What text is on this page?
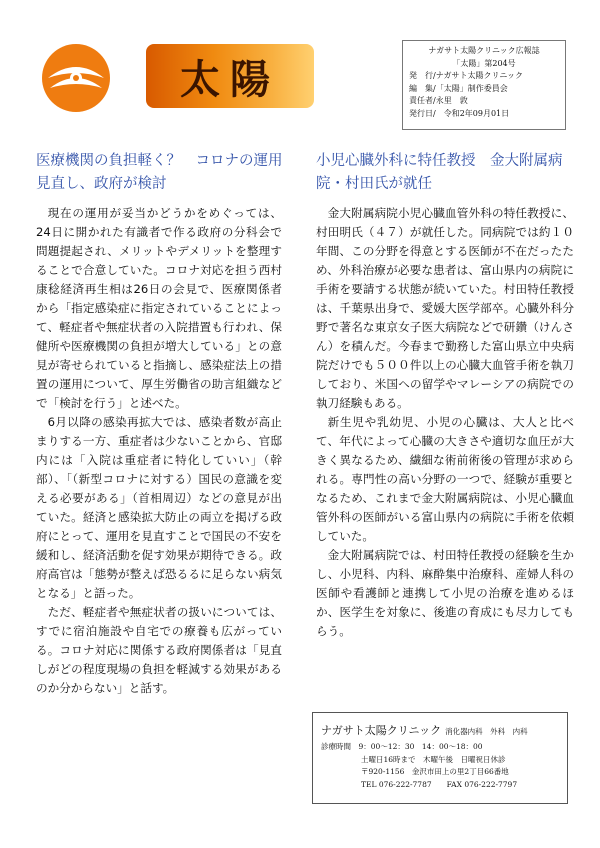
太陽
ナガサト太陽クリニック広報誌
「太陽」第204号
発　行/ナガサト太陽クリニック
編　集/「太陽」制作委員会
責任者/永里　敦
発行日/　令和2年09月01日
医療機関の負担軽く？　コロナの運用見直し、政府が検討
小児心臓外科に特任教授　金大附属病院・村田氏が就任

現在の運用が妥当かどうかをめぐっては、24日に開かれた有識者で作る政府の分科会で問題提起され、メリットやデメリットを整理することで合意していた。コロナ対応を担う西村康稔経済再生相は26日の会見で、医療関係者から「指定感染症に指定されていることによって、軽症者や無症状者の入院措置も行われ、保健所や医療機関の負担が増大している」との意見が寄せられていると指摘し、感染症法上の措置の運用について、厚生労働省の助言組織などで「検討を行う」と述べた。

6月以降の感染再拡大では、感染者数が高止まりする一方、重症者は少ないことから、官邸内には「入院は重症者に特化していい」（幹部）、「（新型コロナに対する）国民の意識を変える必要がある」（首相周辺）などの意見が出ていた。経済と感染拡大防止の両立を掲げる政府にとって、運用を見直すことで国民の不安を緩和し、経済活動を促す効果が期待できる。政府高官は「態勢が整えば恐るるに足らない病気となる」と語った。

ただ、軽症者や無症状者の扱いについては、すでに宿泊施設や自宅での療養も広がっている。コロナ対応に関係する政府関係者は「見直しがどの程度現場の負担を軽減する効果があるのか分からない」と話す。

金大附属病院小児心臓血管外科の特任教授に、村田明氏（４７）が就任した。同病院では約１０年間、この分野を得意とする医師が不在だったため、外科治療が必要な患者は、富山県内の病院に手術を要請する状態が続いていた。村田特任教授は、千葉県出身で、愛媛大医学部卒。心臓外科分野で著名な東京女子医大病院などで研鑽（けんさん）を積んだ。今春まで勤務した富山県立中央病院だけでも５００件以上の心臓大血管手術を執刀しており、米国への留学やマレーシアの病院での執刀経験もある。

新生児や乳幼児、小児の心臓は、大人と比べて、年代によって心臓の大きさや適切な血圧が大きく異なるため、繊細な術前術後の管理が求められる。専門性の高い分野の一つで、経験が重要となるため、これまで金大附属病院は、小児心臓血管外科の医師がいる富山県内の病院に手術を依頼していた。

金大附属病院では、村田特任教授の経験を生かし、小児科、内科、麻酔集中治療科、産婦人科の医師や看護師と連携して小児の治療を進めるほか、医学生を対象に、後進の育成にも尽力してもらう。

ナガサト太陽クリニック 消化器内科　外科　内科
診療時間　9：00～12：30　14：00～18：00
土曜日16時まで　木曜午後　日曜祝日休診
〒920-1156　金沢市田上の里2丁目66番地
TEL 076-222-7787　　FAX 076-222-7797
